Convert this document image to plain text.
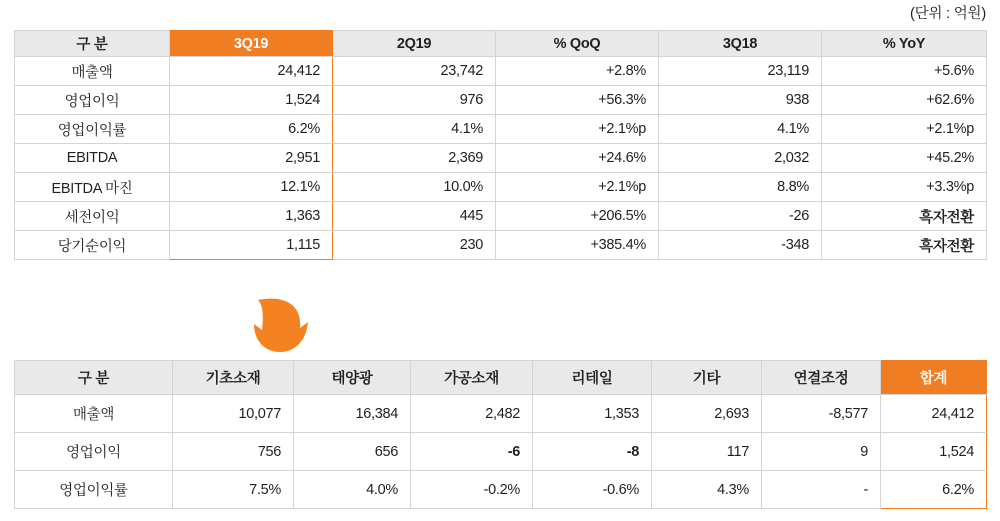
(단위 : 억원)
구 분	3Q19	2Q19	% QoQ	3Q18	% YoY
매출액	24,412	23,742	+2.8%	23,119	+5.6%
영업이익	1,524	976	+56.3%	938	+62.6%
영업이익률	6.2%	4.1%	+2.1%p	4.1%	+2.1%p
EBITDA	2,951	2,369	+24.6%	2,032	+45.2%
EBITDA 마진	12.1%	10.0%	+2.1%p	8.8%	+3.3%p
세전이익	1,363	445	+206.5%	-26	흑자전환
당기순이익	1,115	230	+385.4%	-348	흑자전환
구 분	기초소재	태양광	가공소재	리테일	기타	연결조정	합계
매출액	10,077	16,384	2,482	1,353	2,693	-8,577	24,412
영업이익	756	656	-6	-8	117	9	1,524
영업이익률	7.5%	4.0%	-0.2%	-0.6%	4.3%	-	6.2%
